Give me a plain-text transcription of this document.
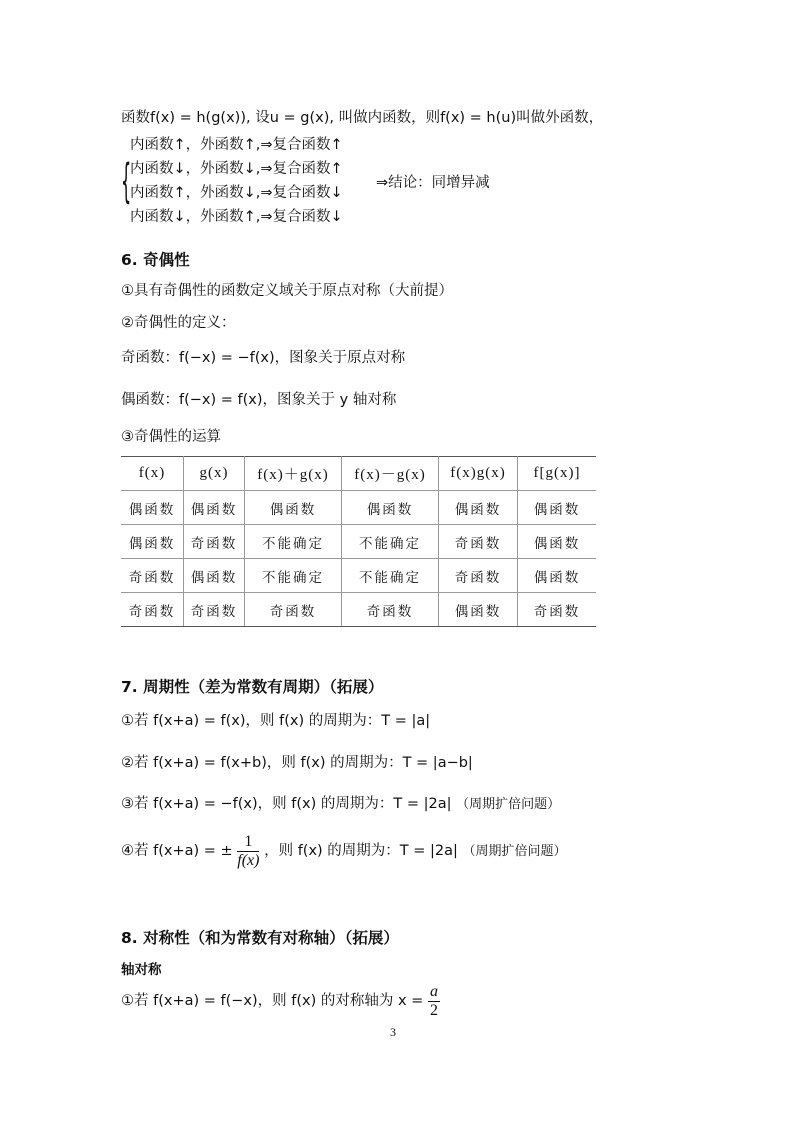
函数f(x) = h(g(x)), 设u = g(x), 叫做内函数，则f(x) = h(u)叫做外函数，
{
内函数↑，外函数↑,⇒复合函数↑
内函数↓，外函数↓,⇒复合函数↑
内函数↑，外函数↓,⇒复合函数↓
内函数↓，外函数↑,⇒复合函数↓
⇒结论：同增异减
6. 奇偶性
①具有奇偶性的函数定义域关于原点对称（大前提）
②奇偶性的定义：
奇函数：f(−x) = −f(x)，图象关于原点对称
偶函数：f(−x) = f(x)，图象关于 y 轴对称
③奇偶性的运算
f(x)	g(x)	f(x)＋g(x)	f(x)－g(x)	f(x)g(x)	f[g(x)]
偶函数	偶函数	偶函数	偶函数	偶函数	偶函数
偶函数	奇函数	不能确定	不能确定	奇函数	偶函数
奇函数	偶函数	不能确定	不能确定	奇函数	偶函数
奇函数	奇函数	奇函数	奇函数	偶函数	奇函数
7. 周期性（差为常数有周期）（拓展）
①若 f(x+a) = f(x)，则 f(x) 的周期为：T = |a|
②若 f(x+a) = f(x+b)，则 f(x) 的周期为：T = |a−b|
③若 f(x+a) = −f(x)，则 f(x) 的周期为：T = |2a| （周期扩倍问题）
④若 f(x+a) = ± $\frac{1}{f(x)}$ ，则 f(x) 的周期为：T = |2a| （周期扩倍问题）
8. 对称性（和为常数有对称轴）（拓展）
轴对称
①若 f(x+a) = f(−x)，则 f(x) 的对称轴为 $x = \frac{a}{2}$
3
